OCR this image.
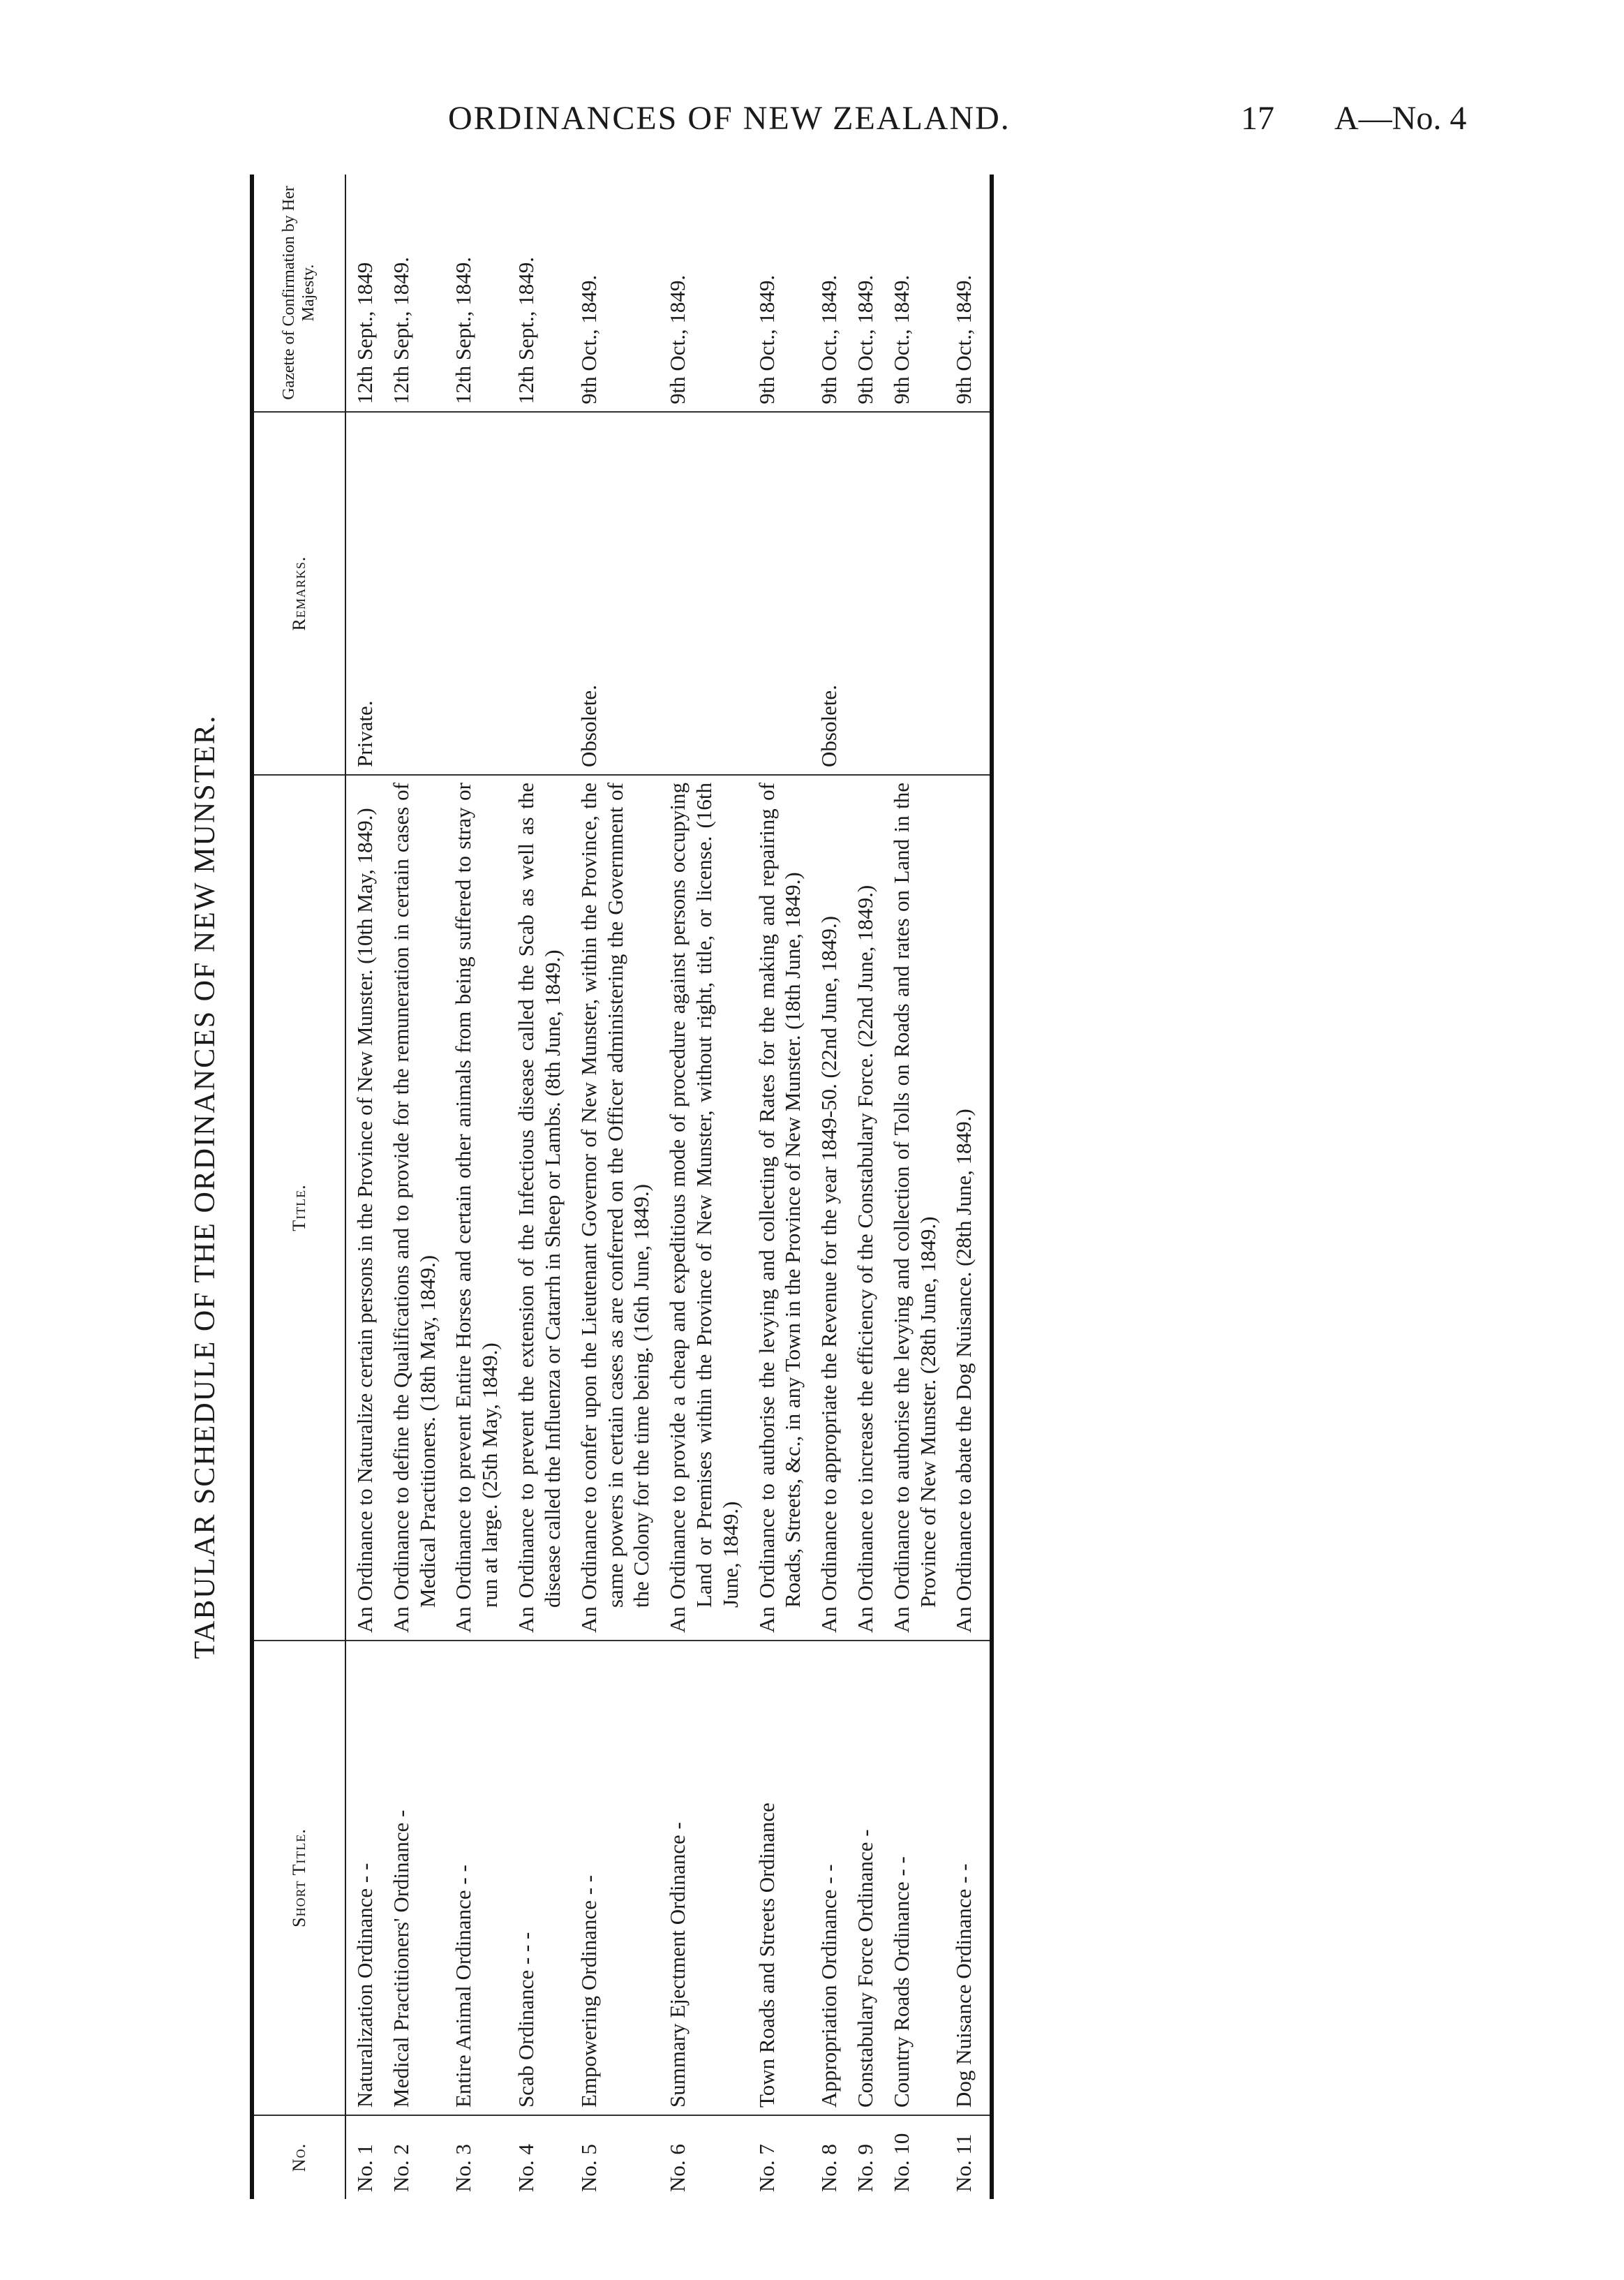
ORDINANCES OF NEW ZEALAND.	17 A—No. 4
TABULAR SCHEDULE OF THE ORDINANCES OF NEW MUNSTER.
No.	Short Title.	Title.	Remarks.	Gazette of Confirmation by Her Majesty.
No. 1	Naturalization Ordinance - -	An Ordinance to Naturalize certain persons in the Province of New Munster. (10th May, 1849.)	Private.	12th Sept., 1849
No. 2	Medical Practitioners' Ordinance -	An Ordinance to define the Qualifications and to provide for the remuneration in certain cases of Medical Practitioners. (18th May, 1849.)		12th Sept., 1849.
No. 3	Entire Animal Ordinance - -	An Ordinance to prevent Entire Horses and certain other animals from being suffered to stray or run at large. (25th May, 1849.)		12th Sept., 1849.
No. 4	Scab Ordinance - - -	An Ordinance to prevent the extension of the Infectious disease called the Scab as well as the disease called the Influenza or Catarrh in Sheep or Lambs. (8th June, 1849.)		12th Sept., 1849.
No. 5	Empowering Ordinance - -	An Ordinance to confer upon the Lieutenant Governor of New Munster, within the Province, the same powers in certain cases as are conferred on the Officer administering the Government of the Colony for the time being. (16th June, 1849.)	Obsolete.	9th Oct., 1849.
No. 6	Summary Ejectment Ordinance -	An Ordinance to provide a cheap and expeditious mode of procedure against persons occupying Land or Premises within the Province of New Munster, without right, title, or license. (16th June, 1849.)		9th Oct., 1849.
No. 7	Town Roads and Streets Ordinance	An Ordinance to authorise the levying and collecting of Rates for the making and repairing of Roads, Streets, &c., in any Town in the Province of New Munster. (18th June, 1849.)		9th Oct., 1849.
No. 8	Appropriation Ordinance - -	An Ordinance to appropriate the Revenue for the year 1849-50. (22nd June, 1849.)	Obsolete.	9th Oct., 1849.
No. 9	Constabulary Force Ordinance -	An Ordinance to increase the efficiency of the Constabulary Force. (22nd June, 1849.)		9th Oct., 1849.
No. 10	Country Roads Ordinance - -	An Ordinance to authorise the levying and collection of Tolls on Roads and rates on Land in the Province of New Munster. (28th June, 1849.)		9th Oct., 1849.
No. 11	Dog Nuisance Ordinance - -	An Ordinance to abate the Dog Nuisance. (28th June, 1849.)		9th Oct., 1849.
